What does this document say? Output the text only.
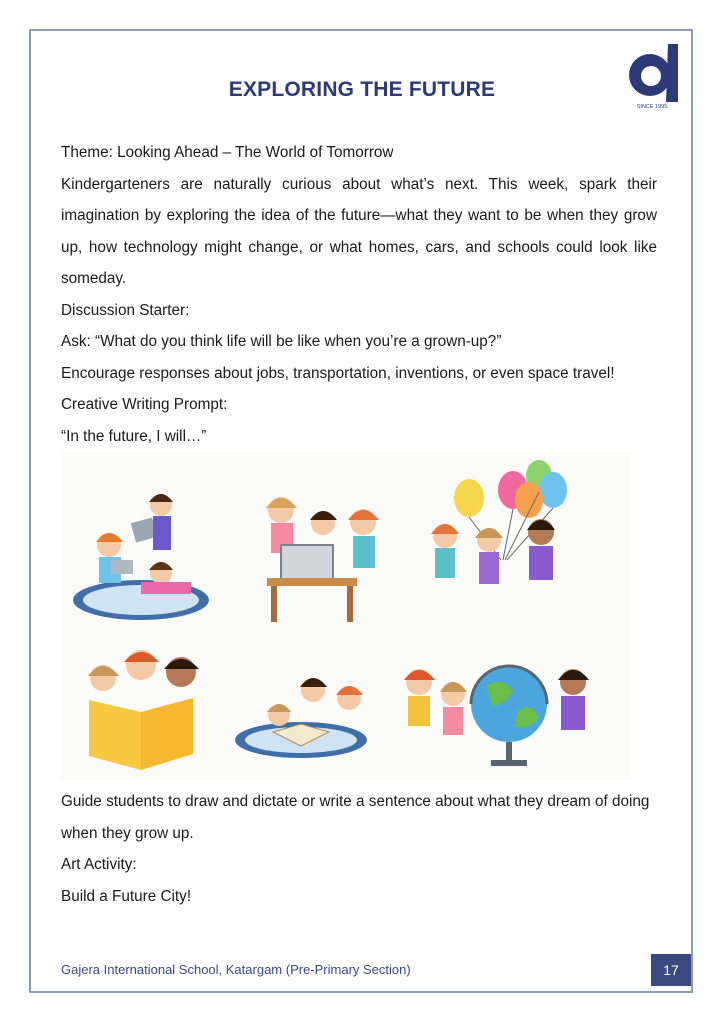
EXPLORING THE FUTURE
SINCE 1995

Theme: Looking Ahead – The World of Tomorrow

Kindergarteners are naturally curious about what’s next. This week, spark their imagination by exploring the idea of the future—what they want to be when they grow up, how technology might change, or what homes, cars, and schools could look like someday.

Discussion Starter:

Ask: “What do you think life will be like when you’re a grown-up?”

Encourage responses about jobs, transportation, inventions, or even space travel!

Creative Writing Prompt:

“In the future, I will…”

Guide students to draw and dictate or write a sentence about what they dream of doing when they grow up.

Art Activity:

Build a Future City!

Gajera International School, Katargam (Pre-Primary Section)	17
